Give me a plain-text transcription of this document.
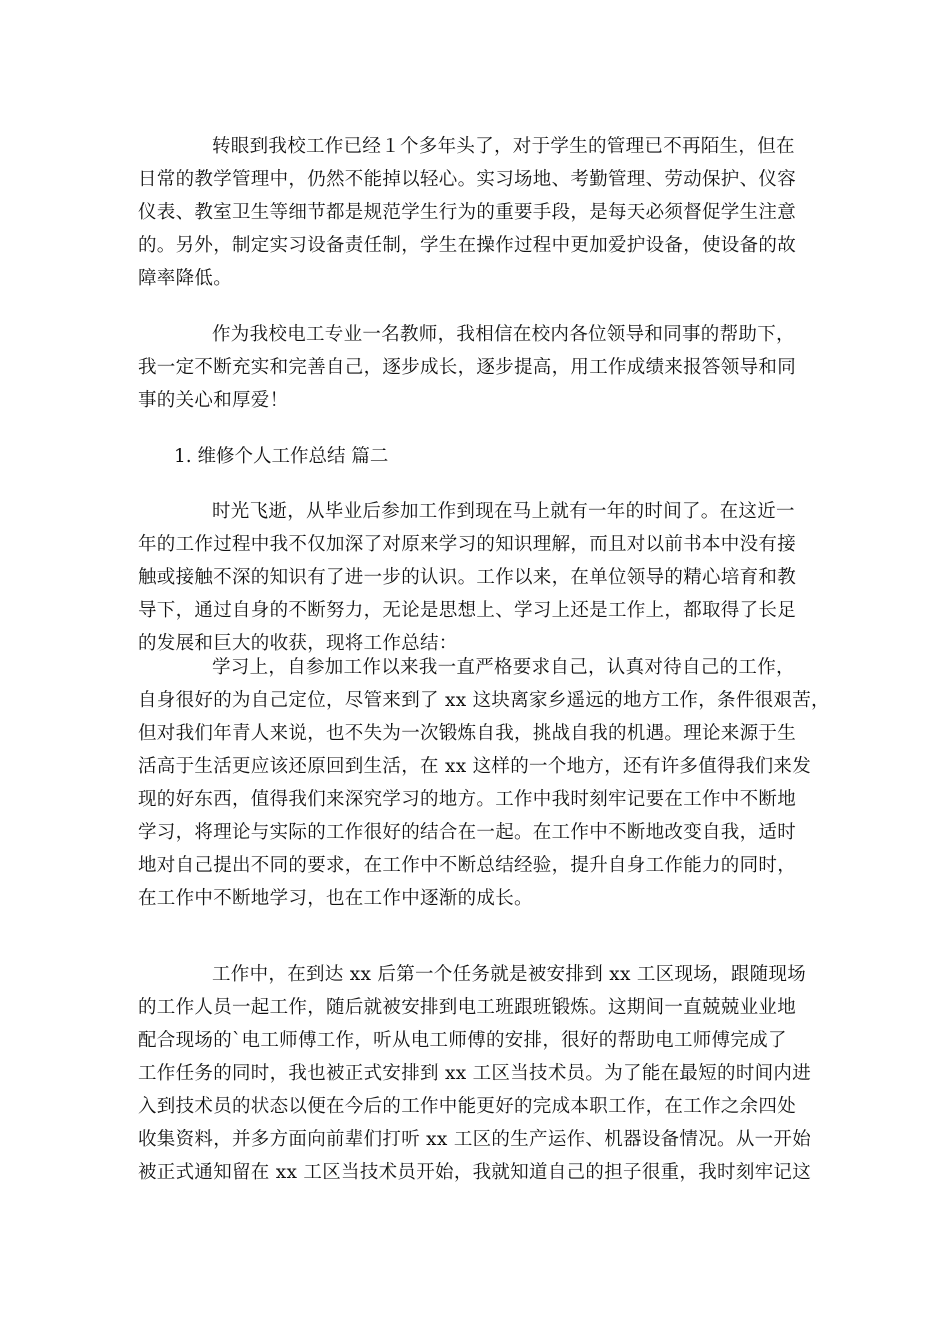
转眼到我校工作已经１个多年头了，对于学生的管理已不再陌生，但在
日常的教学管理中，仍然不能掉以轻心。实习场地、考勤管理、劳动保护、仪容
仪表、教室卫生等细节都是规范学生行为的重要手段，是每天必须督促学生注意
的。另外，制定实习设备责任制，学生在操作过程中更加爱护设备，使设备的故
障率降低。
作为我校电工专业一名教师，我相信在校内各位领导和同事的帮助下，
我一定不断充实和完善自己，逐步成长，逐步提高，用工作成绩来报答领导和同
事的关心和厚爱！
1. 维修个人工作总结 篇二
时光飞逝，从毕业后参加工作到现在马上就有一年的时间了。在这近一
年的工作过程中我不仅加深了对原来学习的知识理解，而且对以前书本中没有接
触或接触不深的知识有了进一步的认识。工作以来，在单位领导的精心培育和教
导下，通过自身的不断努力，无论是思想上、学习上还是工作上，都取得了长足
的发展和巨大的收获，现将工作总结：
学习上，自参加工作以来我一直严格要求自己，认真对待自己的工作，
自身很好的为自己定位，尽管来到了 xx 这块离家乡遥远的地方工作，条件很艰苦，
但对我们年青人来说，也不失为一次锻炼自我，挑战自我的机遇。理论来源于生
活高于生活更应该还原回到生活，在 xx 这样的一个地方，还有许多值得我们来发
现的好东西，值得我们来深究学习的地方。工作中我时刻牢记要在工作中不断地
学习，将理论与实际的工作很好的结合在一起。在工作中不断地改变自我，适时
地对自己提出不同的要求，在工作中不断总结经验，提升自身工作能力的同时，
在工作中不断地学习，也在工作中逐渐的成长。
工作中，在到达 xx 后第一个任务就是被安排到 xx 工区现场，跟随现场
的工作人员一起工作，随后就被安排到电工班跟班锻炼。这期间一直兢兢业业地
配合现场的`电工师傅工作，听从电工师傅的安排，很好的帮助电工师傅完成了
工作任务的同时，我也被正式安排到 xx 工区当技术员。为了能在最短的时间内进
入到技术员的状态以便在今后的工作中能更好的完成本职工作，在工作之余四处
收集资料，并多方面向前辈们打听 xx 工区的生产运作、机器设备情况。从一开始
被正式通知留在 xx 工区当技术员开始，我就知道自己的担子很重，我时刻牢记这
